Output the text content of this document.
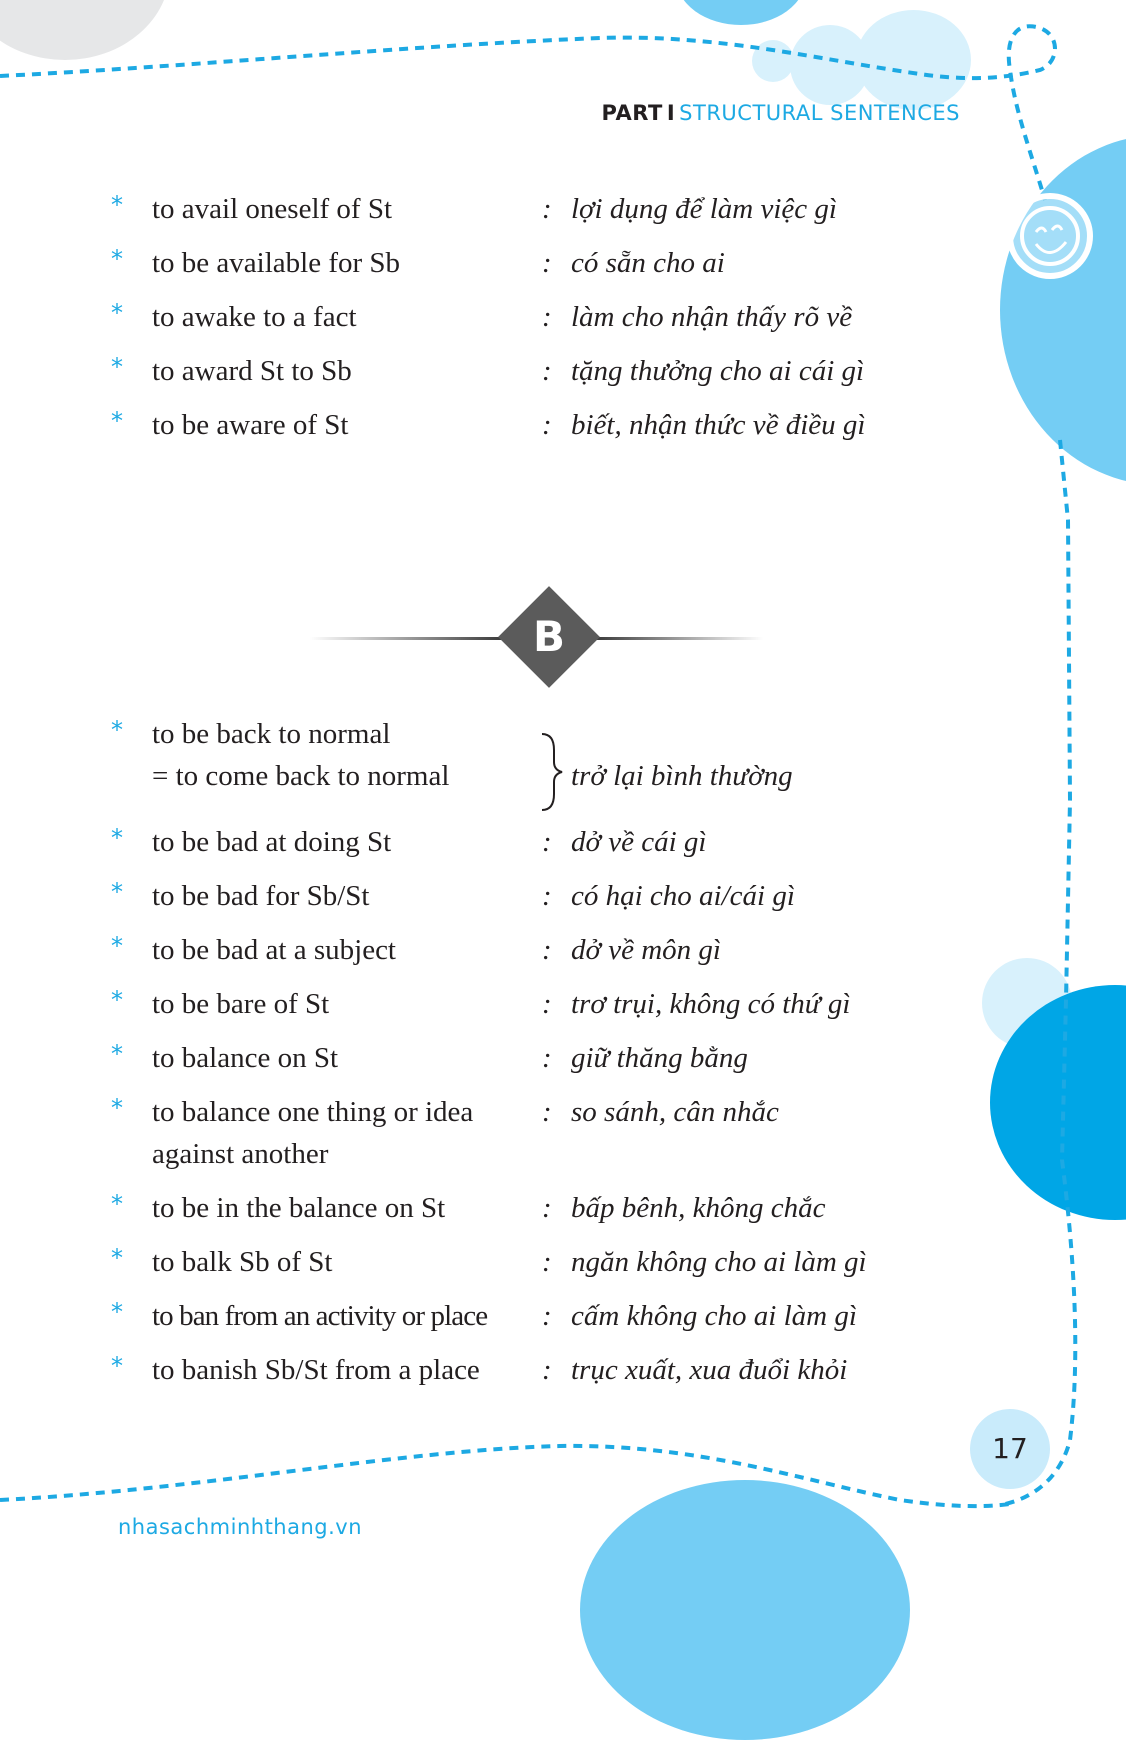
PART I STRUCTURAL SENTENCES
* to avail oneself of St	: lợi dụng để làm việc gì
* to be available for Sb	: có sẵn cho ai
* to awake to a fact	: làm cho nhận thấy rõ về
* to award St to Sb	: tặng thưởng cho ai cái gì
* to be aware of St	: biết, nhận thức về điều gì
B
* to be back to normal
= to come back to normal	trở lại bình thường
* to be bad at doing St	: dở về cái gì
* to be bad for Sb/St	: có hại cho ai/cái gì
* to be bad at a subject	: dở về môn gì
* to be bare of St	: trơ trụi, không có thứ gì
* to balance on St	: giữ thăng bằng
* to balance one thing or idea
against another
: so sánh, cân nhắc
* to be in the balance on St	: bấp bênh, không chắc
* to balk Sb of St	: ngăn không cho ai làm gì
* to ban from an activity or place : cấm không cho ai làm gì
* to banish Sb/St from a place : trục xuất, xua đuổi khỏi
17
nhasachminhthang.vn
